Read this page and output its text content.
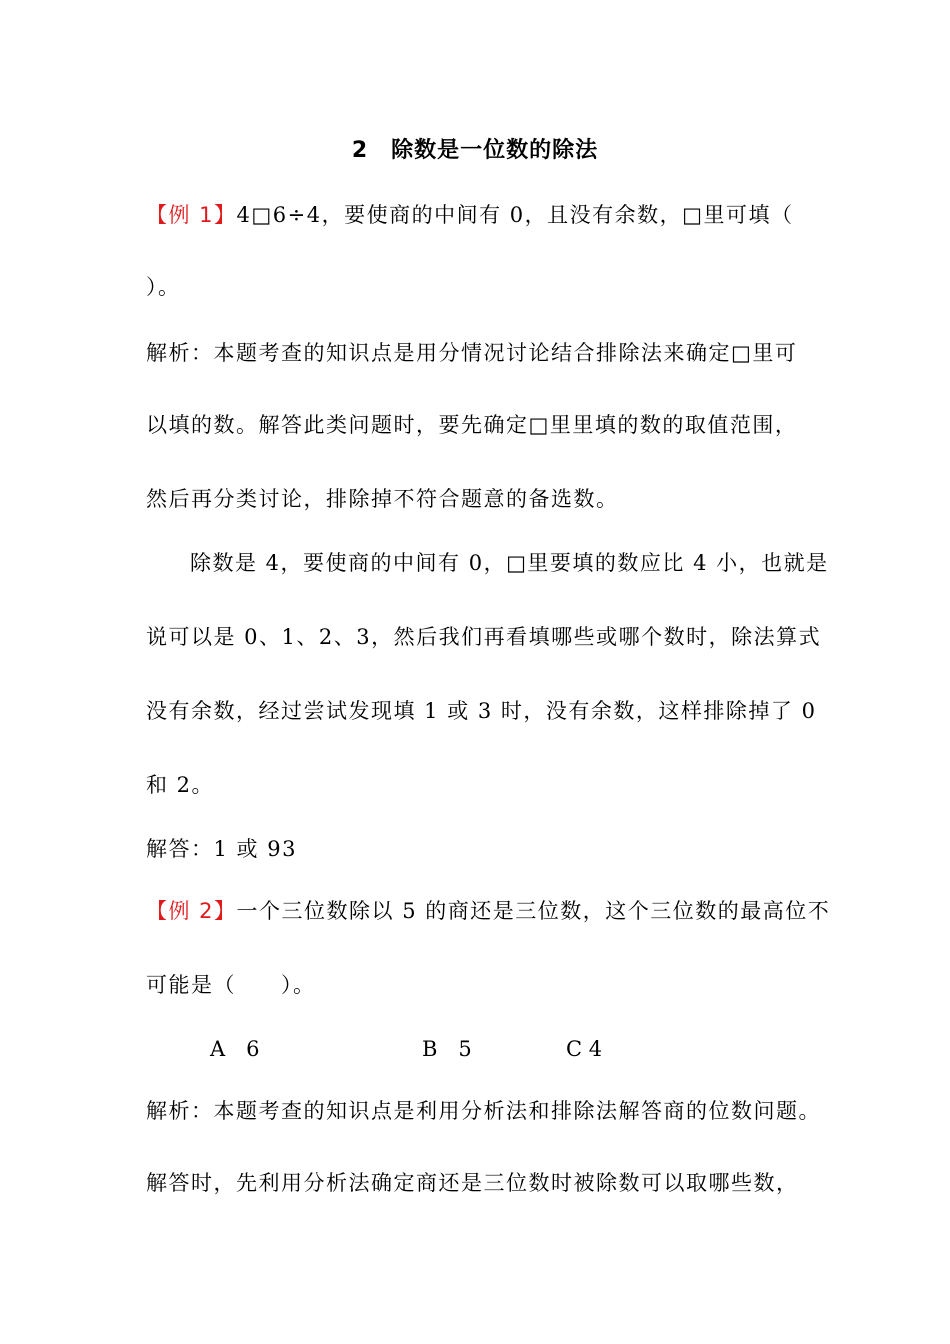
2　除数是一位数的除法
【例 1】4□6÷4，要使商的中间有 0，且没有余数，□里可填（
）。
解析：本题考查的知识点是用分情况讨论结合排除法来确定□里可
以填的数。解答此类问题时，要先确定□里里填的数的取值范围，
然后再分类讨论，排除掉不符合题意的备选数。
除数是 4，要使商的中间有 0，□里要填的数应比 4 小，也就是
说可以是 0、1、2、3，然后我们再看填哪些或哪个数时，除法算式
没有余数，经过尝试发现填 1 或 3 时，没有余数，这样排除掉了 0
和 2。
解答：1 或 93
【例 2】一个三位数除以 5 的商还是三位数，这个三位数的最高位不
可能是（　　）。
A　6	B　5	C 4
解析：本题考查的知识点是利用分析法和排除法解答商的位数问题。
解答时，先利用分析法确定商还是三位数时被除数可以取哪些数，
